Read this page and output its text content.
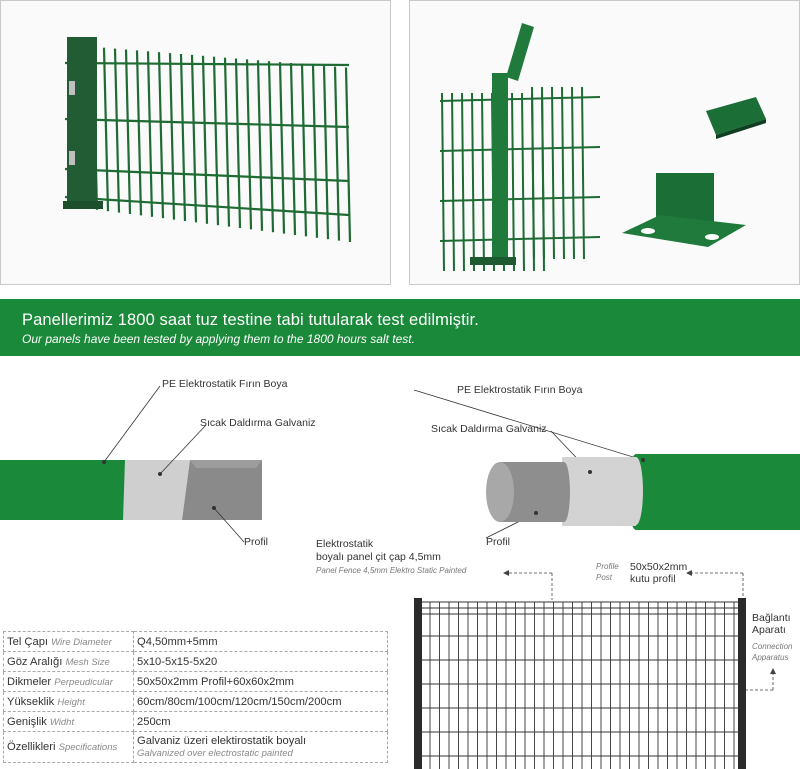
Panellerimiz 1800 saat tuz testine tabi tutularak test edilmiştir.
Our panels have been tested by applying them to the 1800 hours salt test.
PE Elektrostatik Fırın Boya
Sıcak Daldırma Galvaniz
Profil
PE Elektrostatik Fırın Boya
Sıcak Daldırma Galvaniz
Profil
Elektrostatik
boyalı panel çit çap 4,5mm
Panel Fence 4,5mm Elektro Static Painted	Profile
Post
50x50x2mm
kutu profil
Bağlantı
Aparatı
Connection
Apparatus
Tel Çapı Wire Diameter	Q4,50mm+5mm
Göz Aralığı Mesh Size	5x10-5x15-5x20
Dikmeler Perpeudicular	50x50x2mm Profil+60x60x2mm
Yükseklik Height	60cm/80cm/100cm/120cm/150cm/200cm
Genişlik Widht	250cm
Özellikleri Specifications	Galvaniz üzeri elektirostatik boyalı
Galvanized over electrostatic painted
